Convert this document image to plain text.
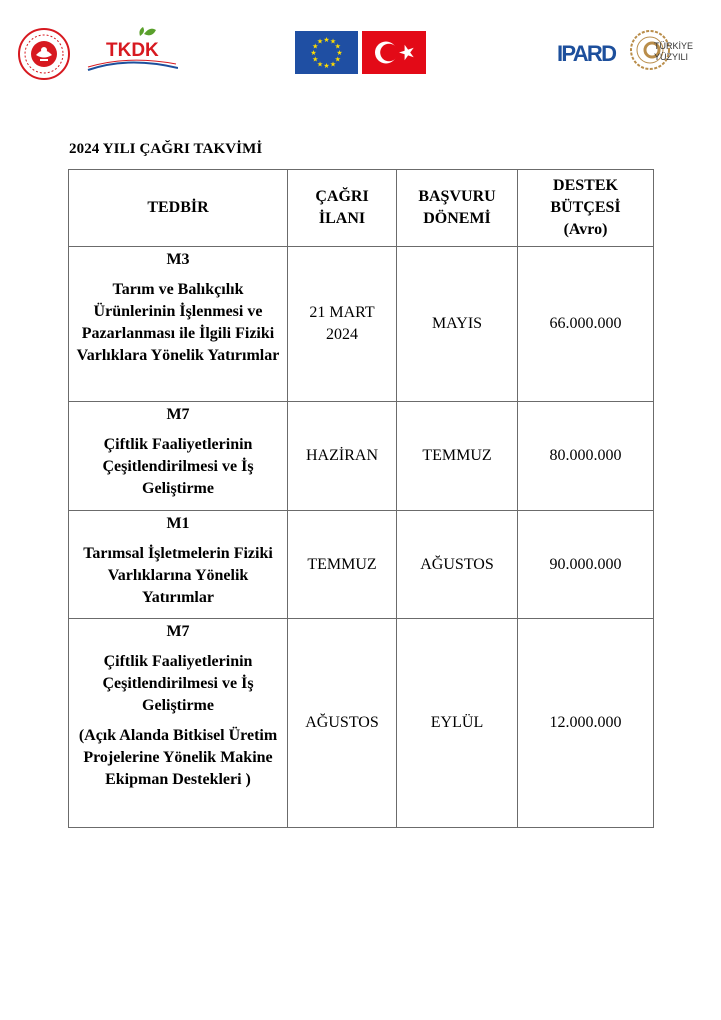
TKDK	★ ★
★
★
★
★
★
★
★
★
★
★	IPARD	TÜRKİYE
YÜZYILI
2024 YILI ÇAĞRI TAKVİMİ
TEDBİR	ÇAĞRI İLANI	BAŞVURU DÖNEMİ	DESTEK BÜTÇESİ (Avro)

M3
Tarım ve Balıkçılık Ürünlerinin İşlenmesi ve Pazarlanması ile İlgili Fiziki Varlıklara Yönelik Yatırımlar	21 MART 2024	MAYIS	66.000.000

M7
Çiftlik Faaliyetlerinin Çeşitlendirilmesi ve İş Geliştirme	HAZİRAN	TEMMUZ	80.000.000

M1
Tarımsal İşletmelerin Fiziki Varlıklarına Yönelik Yatırımlar	TEMMUZ	AĞUSTOS	90.000.000

M7
Çiftlik Faaliyetlerinin Çeşitlendirilmesi ve İş Geliştirme
(Açık Alanda Bitkisel Üretim Projelerine Yönelik Makine Ekipman Destekleri )	AĞUSTOS	EYLÜL	12.000.000
